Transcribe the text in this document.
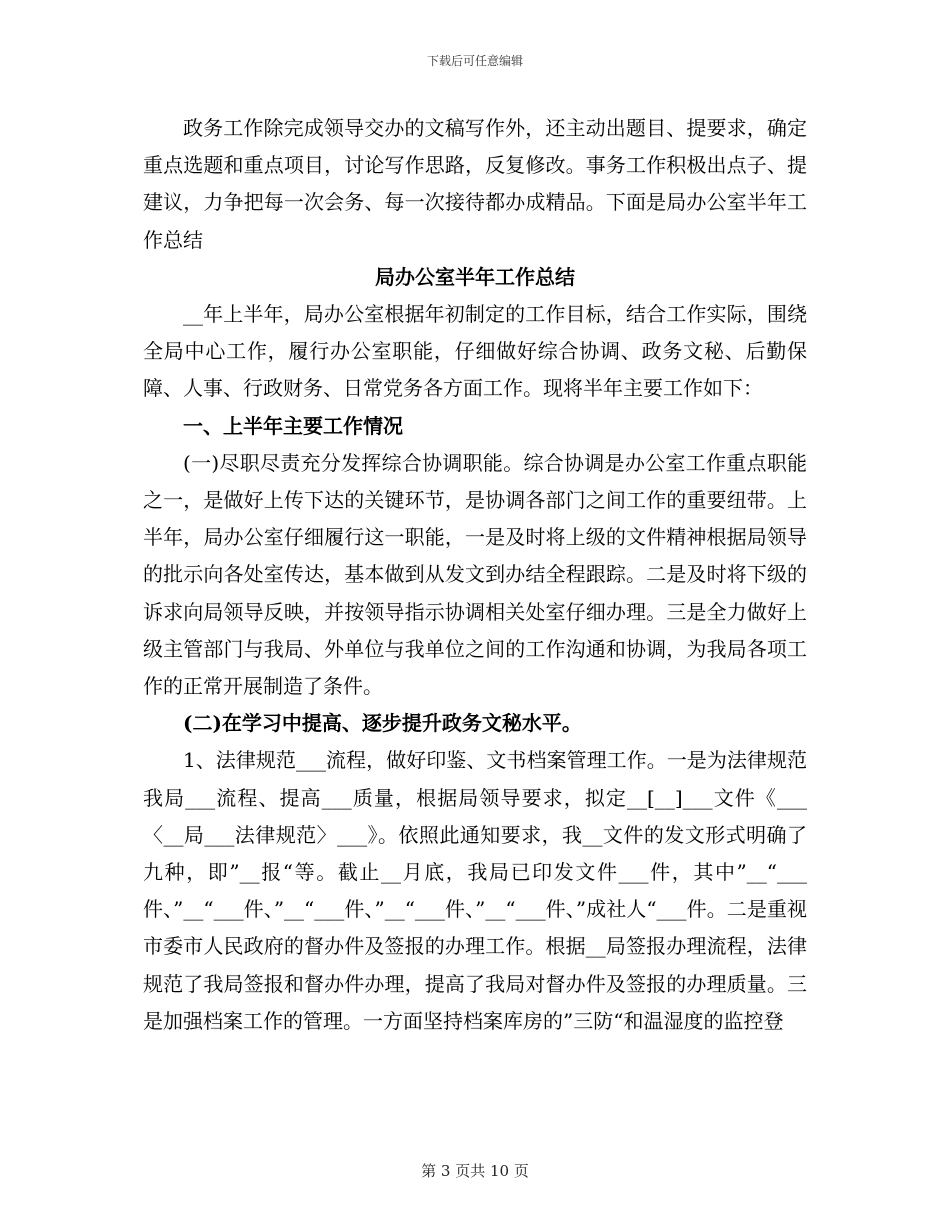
下载后可任意编辑

政务工作除完成领导交办的文稿写作外，还主动出题目、提要求，确定重点选题和重点项目，讨论写作思路，反复修改。事务工作积极出点子、提建议，力争把每一次会务、每一次接待都办成精品。下面是局办公室半年工作总结

局办公室半年工作总结

__年上半年，局办公室根据年初制定的工作目标，结合工作实际，围绕全局中心工作，履行办公室职能，仔细做好综合协调、政务文秘、后勤保障、人事、行政财务、日常党务各方面工作。现将半年主要工作如下：

一、上半年主要工作情况

(一)尽职尽责充分发挥综合协调职能。综合协调是办公室工作重点职能之一，是做好上传下达的关键环节，是协调各部门之间工作的重要纽带。上半年，局办公室仔细履行这一职能，一是及时将上级的文件精神根据局领导的批示向各处室传达，基本做到从发文到办结全程跟踪。二是及时将下级的诉求向局领导反映，并按领导指示协调相关处室仔细办理。三是全力做好上级主管部门与我局、外单位与我单位之间的工作沟通和协调，为我局各项工作的正常开展制造了条件。

(二)在学习中提高、逐步提升政务文秘水平。

1、法律规范___流程，做好印鉴、文书档案管理工作。一是为法律规范我局___流程、提高___质量，根据局领导要求，拟定__[__]___文件《___〈__局___法律规范〉___》。依照此通知要求，我__文件的发文形式明确了九种，即”__报“等。截止__月底，我局已印发文件___件，其中”__“___件、”__“___件、”__“___件、”__“___件、”__“___件、”成社人“___件。二是重视市委市人民政府的督办件及签报的办理工作。根据__局签报办理流程，法律规范了我局签报和督办件办理，提高了我局对督办件及签报的办理质量。三是加强档案工作的管理。一方面坚持档案库房的”三防“和温湿度的监控登

第 3 页共 10 页
